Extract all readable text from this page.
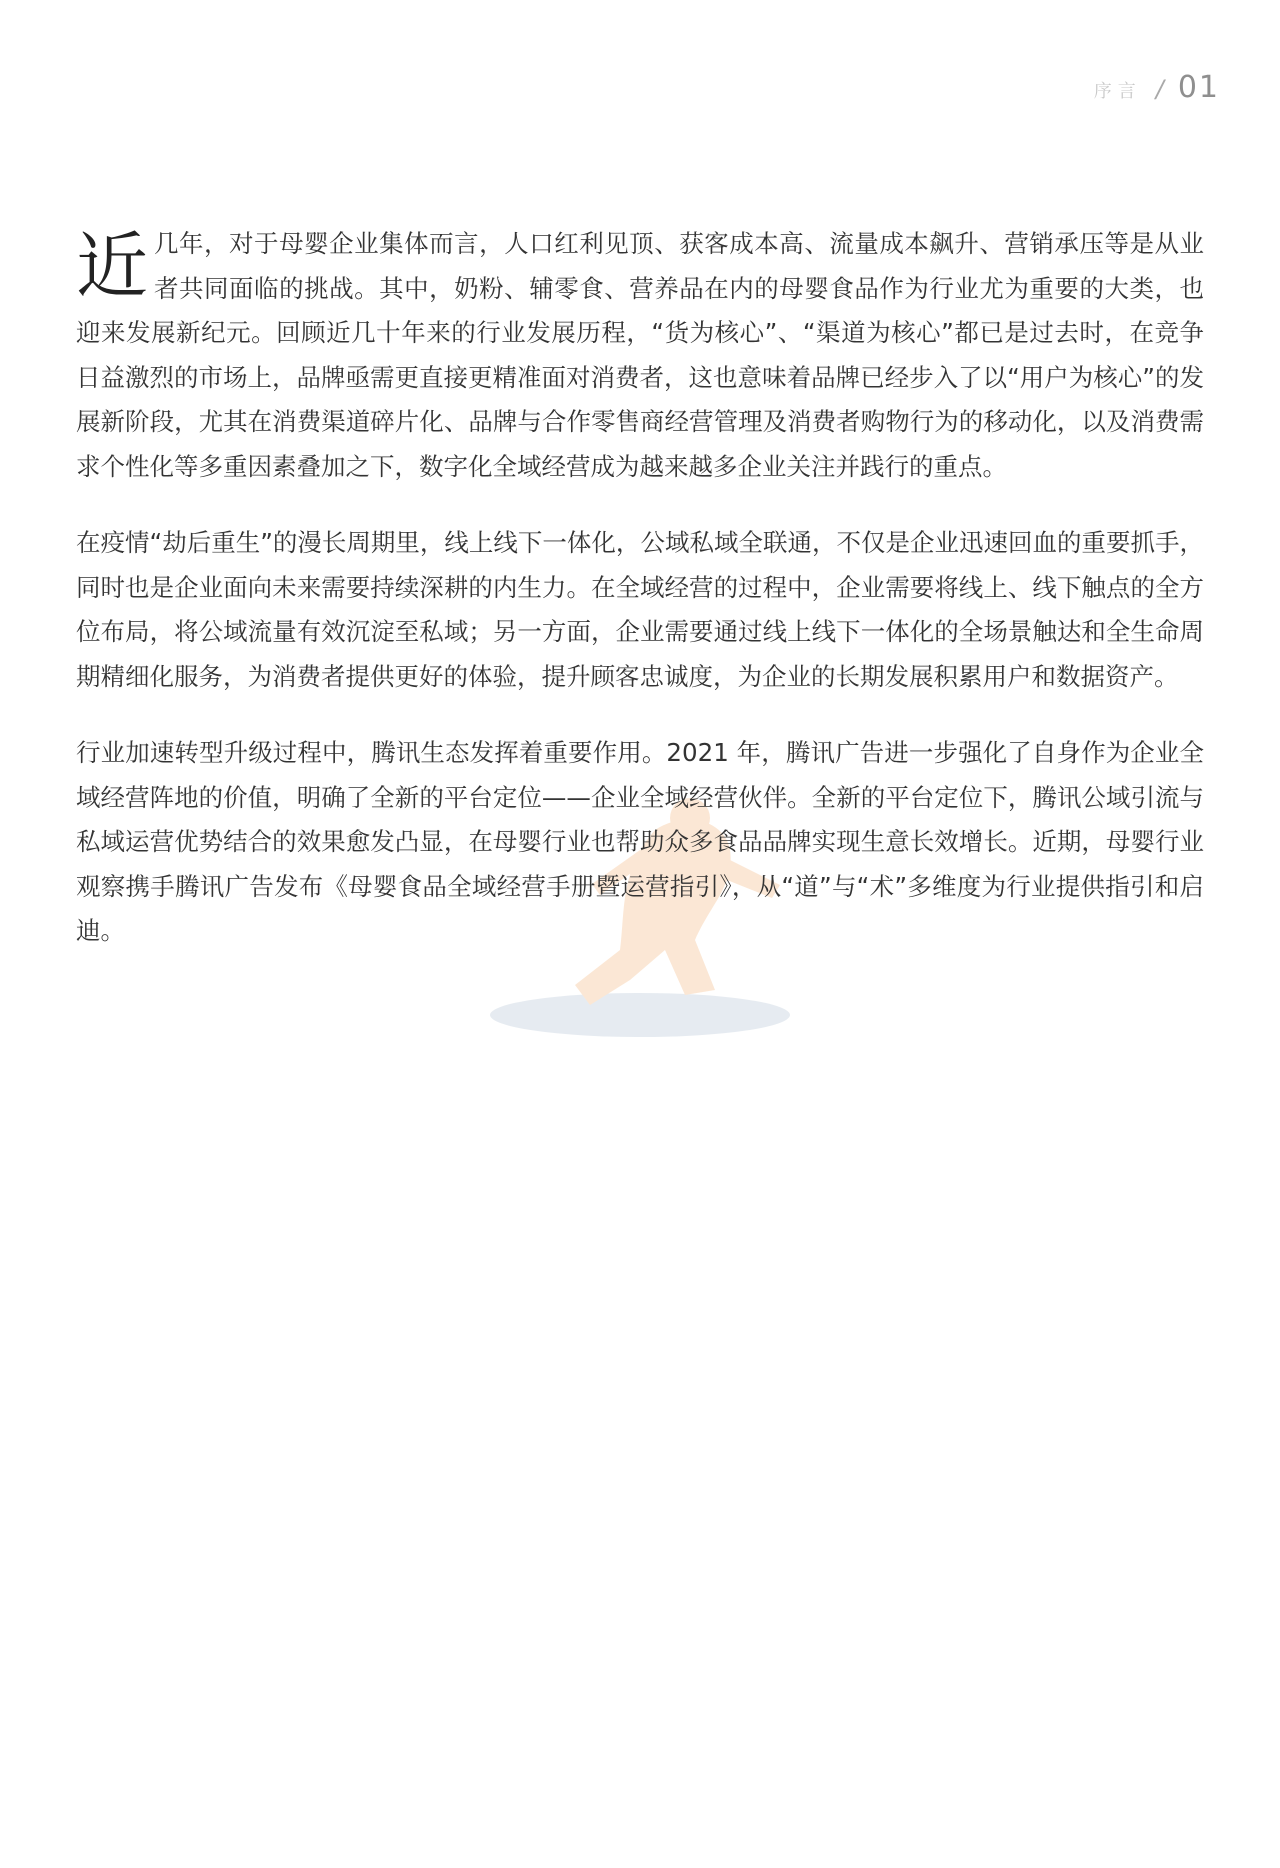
序言 / 01

近 几年，对于母婴企业集体而言，人口红利见顶、获客成本高、流量成本飙升、营销承压等是从业者共同面临的挑战。其中，奶粉、辅零食、营养品在内的母婴食品作为行业尤为重要的大类，也迎来发展新纪元。回顾近几十年来的行业发展历程，“货为核心”、“渠道为核心”都已是过去时，在竞争日益激烈的市场上，品牌亟需更直接更精准面对消费者，这也意味着品牌已经步入了以“用户为核心”的发展新阶段，尤其在消费渠道碎片化、品牌与合作零售商经营管理及消费者购物行为的移动化，以及消费需求个性化等多重因素叠加之下，数字化全域经营成为越来越多企业关注并践行的重点。

在疫情“劫后重生”的漫长周期里，线上线下一体化，公域私域全联通，不仅是企业迅速回血的重要抓手，同时也是企业面向未来需要持续深耕的内生力。在全域经营的过程中，企业需要将线上、线下触点的全方位布局，将公域流量有效沉淀至私域；另一方面，企业需要通过线上线下一体化的全场景触达和全生命周期精细化服务，为消费者提供更好的体验，提升顾客忠诚度，为企业的长期发展积累用户和数据资产。

行业加速转型升级过程中，腾讯生态发挥着重要作用。2021 年，腾讯广告进一步强化了自身作为企业全域经营阵地的价值，明确了全新的平台定位——企业全域经营伙伴。全新的平台定位下，腾讯公域引流与私域运营优势结合的效果愈发凸显，在母婴行业也帮助众多食品品牌实现生意长效增长。近期，母婴行业观察携手腾讯广告发布《母婴食品全域经营手册暨运营指引》，从“道”与“术”多维度为行业提供指引和启迪。
